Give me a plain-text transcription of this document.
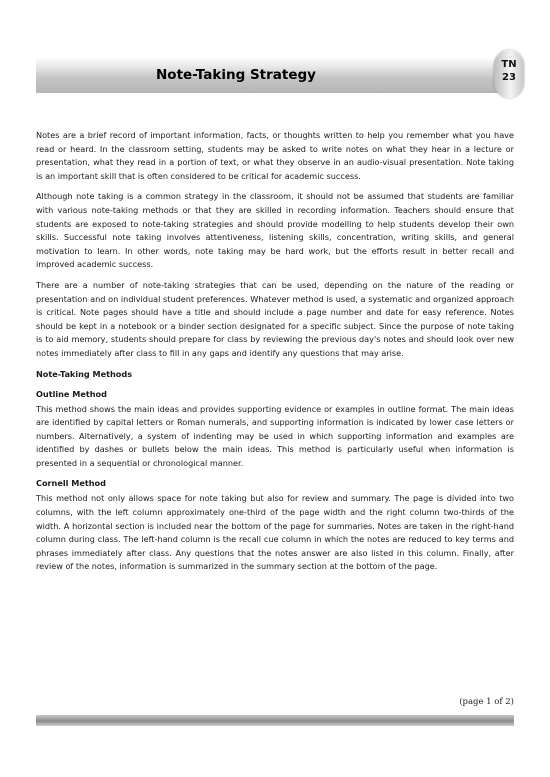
Note-Taking Strategy
TN
23

Notes are a brief record of important information, facts, or thoughts written to help you remember what you have read or heard. In the classroom setting, students may be asked to write notes on what they hear in a lecture or presentation, what they read in a portion of text, or what they observe in an audio-visual presentation. Note taking is an important skill that is often considered to be critical for academic success.

Although note taking is a common strategy in the classroom, it should not be assumed that students are familiar with various note-taking methods or that they are skilled in recording information. Teachers should ensure that students are exposed to note-taking strategies and should provide modelling to help students develop their own skills. Successful note taking involves attentiveness, listening skills, concentration, writing skills, and general motivation to learn. In other words, note taking may be hard work, but the efforts result in better recall and improved academic success.

There are a number of note-taking strategies that can be used, depending on the nature of the reading or presentation and on individual student preferences. Whatever method is used, a systematic and organized approach is critical. Note pages should have a title and should include a page number and date for easy reference. Notes should be kept in a notebook or a binder section designated for a specific subject. Since the purpose of note taking is to aid memory, students should prepare for class by reviewing the previous day's notes and should look over new notes immediately after class to fill in any gaps and identify any questions that may arise.

Note-Taking Methods
Outline Method

This method shows the main ideas and provides supporting evidence or examples in outline format. The main ideas are identified by capital letters or Roman numerals, and supporting information is indicated by lower case letters or numbers. Alternatively, a system of indenting may be used in which supporting information and examples are identified by dashes or bullets below the main ideas. This method is particularly useful when information is presented in a sequential or chronological manner.

Cornell Method

This method not only allows space for note taking but also for review and summary. The page is divided into two columns, with the left column approximately one-third of the page width and the right column two-thirds of the width. A horizontal section is included near the bottom of the page for summaries. Notes are taken in the right-hand column during class. The left-hand column is the recall cue column in which the notes are reduced to key terms and phrases immediately after class. Any questions that the notes answer are also listed in this column. Finally, after review of the notes, information is summarized in the summary section at the bottom of the page.

(page 1 of 2)
